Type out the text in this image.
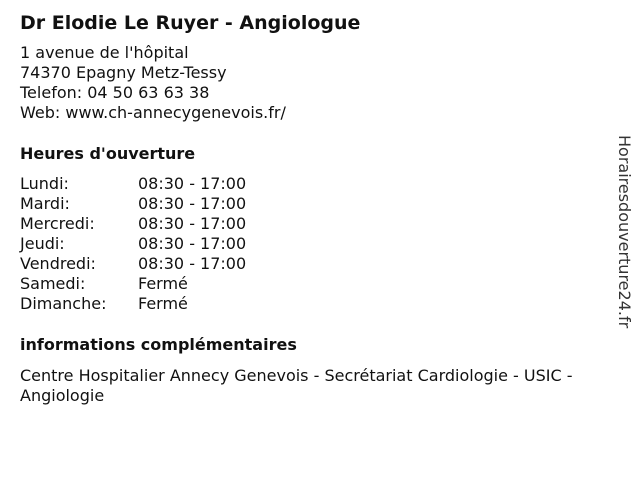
Dr Elodie Le Ruyer - Angiologue
1 avenue de l'hôpital
74370 Epagny Metz-Tessy
Telefon: 04 50 63 63 38
Web: www.ch-annecygenevois.fr/
Heures d'ouverture
Lundi:	08:30 - 17:00
Mardi:	08:30 - 17:00
Mercredi:	08:30 - 17:00
Jeudi:	08:30 - 17:00
Vendredi:	08:30 - 17:00
Samedi:	Fermé
Dimanche:	Fermé
informations complémentaires
Centre Hospitalier Annecy Genevois - Secrétariat Cardiologie - USIC - Angiologie
Horairesdouverture24.fr
